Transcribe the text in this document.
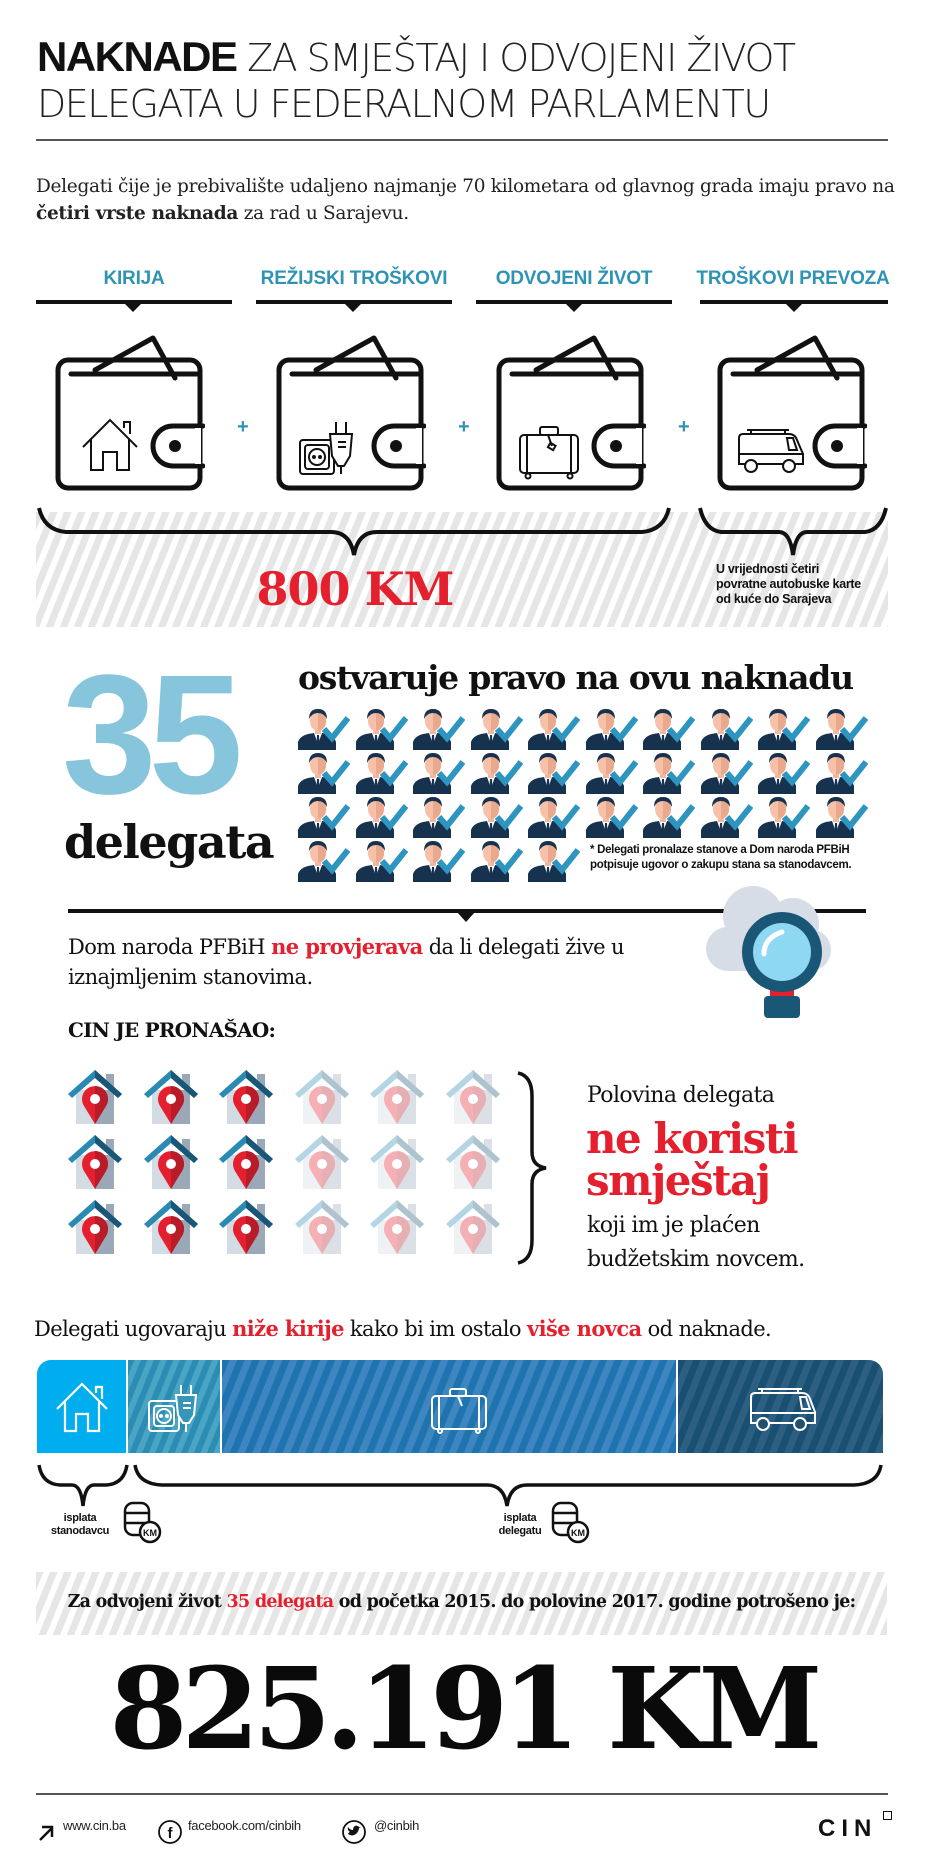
NAKNADE ZA SMJEŠTAJ I ODVOJENI ŽIVOT
DELEGATA U FEDERALNOM PARLAMENTU

Delegati čije je prebivalište udaljeno najmanje 70 kilometara od glavnog grada imaju pravo na četiri vrste naknada za rad u Sarajevu.

KIRIJA	REŽIJSKI TROŠKOVI	ODVOJENI ŽIVOT	TROŠKOVI PREVOZA
+	+	+
800 KM	U vrijednosti četiri
povratne autobuske karte
od kuće do Sarajeva
35
delegata
ostvaruje pravo na ovu naknadu
* Delegati pronalaze stanove a Dom naroda PFBiH
potpisuje ugovor o zakupu stana sa stanodavcem.

Dom naroda PFBiH ne provjerava da li delegati žive u iznajmljenim stanovima.

CIN JE PRONAŠAO:
Polovina delegata
ne koristi
smještaj
koji im je plaćen
budžetskim novcem.

Delegati ugovaraju niže kirije kako bi im ostalo više novca od naknade.

isplata
stanodavcu	KM
isplata
delegatu	KM

Za odvojeni život 35 delegata od početka 2015. do polovine 2017. godine potrošeno je:

825.191 KM
www.cin.ba	f facebook.com/cinbih	@cinbih	CIN
